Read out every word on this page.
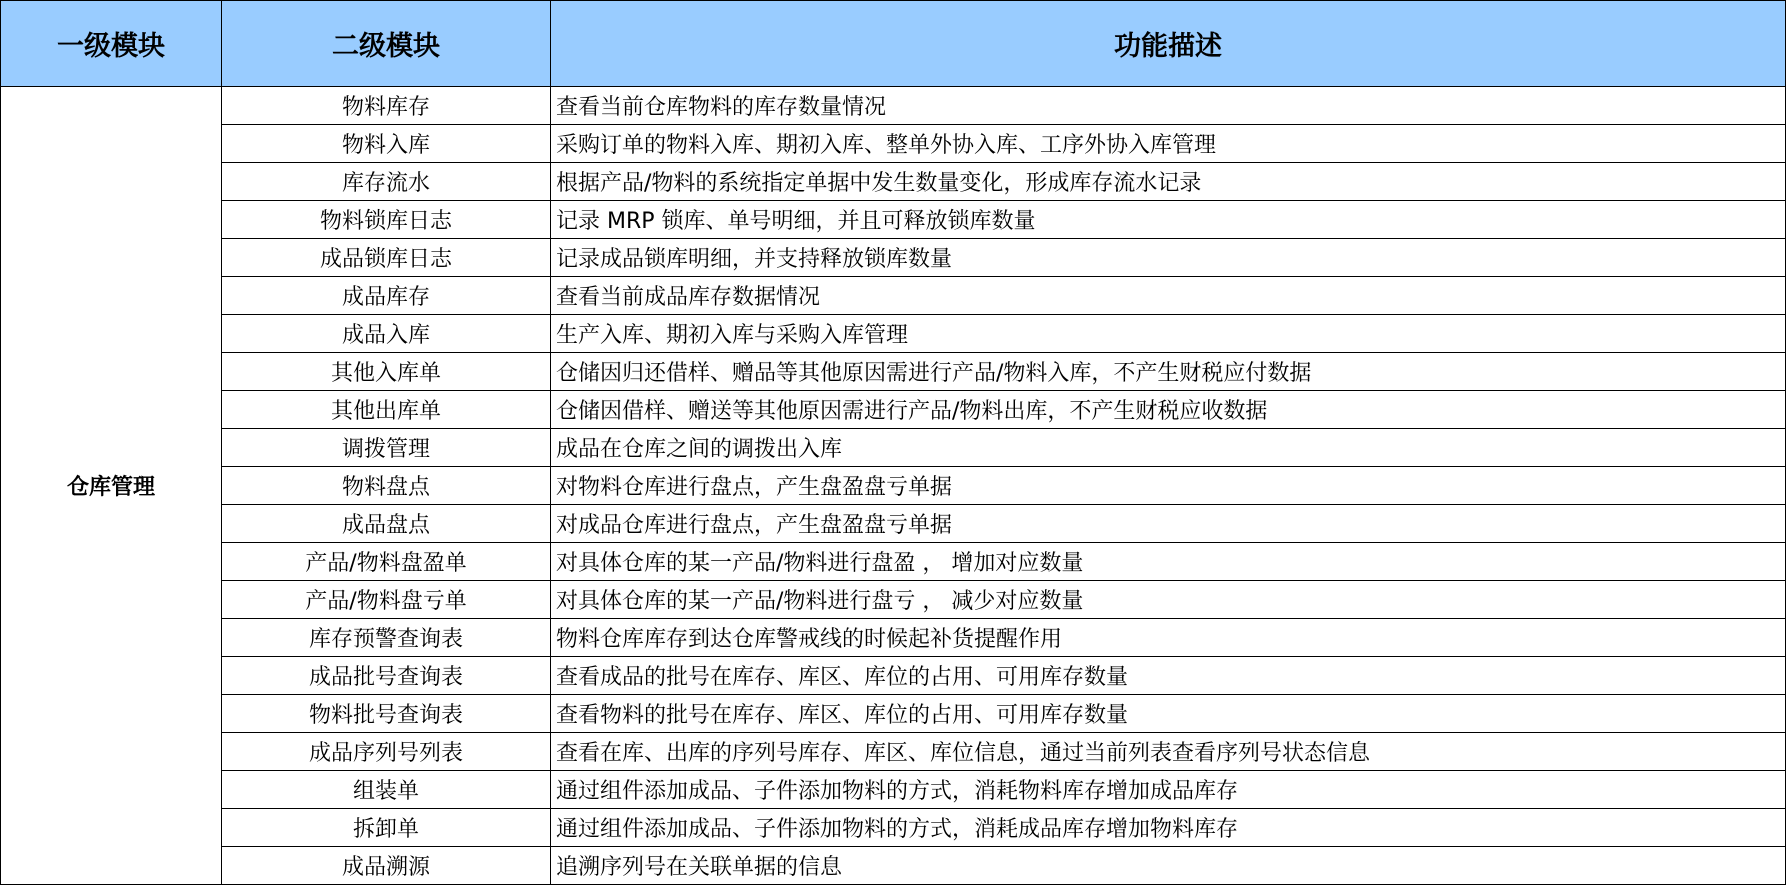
一级模块	二级模块	功能描述
仓库管理	物料库存	查看当前仓库物料的库存数量情况
	物料入库	采购订单的物料入库、期初入库、整单外协入库、工序外协入库管理
	库存流水	根据产品/物料的系统指定单据中发生数量变化，形成库存流水记录
	物料锁库日志	记录 MRP 锁库、单号明细，并且可释放锁库数量
	成品锁库日志	记录成品锁库明细，并支持释放锁库数量
	成品库存	查看当前成品库存数据情况
	成品入库	生产入库、期初入库与采购入库管理
	其他入库单	仓储因归还借样、赠品等其他原因需进行产品/物料入库，不产生财税应付数据
	其他出库单	仓储因借样、赠送等其他原因需进行产品/物料出库，不产生财税应收数据
	调拨管理	成品在仓库之间的调拨出入库
	物料盘点	对物料仓库进行盘点，产生盘盈盘亏单据
	成品盘点	对成品仓库进行盘点，产生盘盈盘亏单据
	产品/物料盘盈单	对具体仓库的某一产品/物料进行盘盈 ， 增加对应数量
	产品/物料盘亏单	对具体仓库的某一产品/物料进行盘亏 ， 减少对应数量
	库存预警查询表	物料仓库库存到达仓库警戒线的时候起补货提醒作用
	成品批号查询表	查看成品的批号在库存、库区、库位的占用、可用库存数量
	物料批号查询表	查看物料的批号在库存、库区、库位的占用、可用库存数量
	成品序列号列表	查看在库、出库的序列号库存、库区、库位信息，通过当前列表查看序列号状态信息
	组装单	通过组件添加成品、子件添加物料的方式，消耗物料库存增加成品库存
	拆卸单	通过组件添加成品、子件添加物料的方式，消耗成品库存增加物料库存
	成品溯源	追溯序列号在关联单据的信息
